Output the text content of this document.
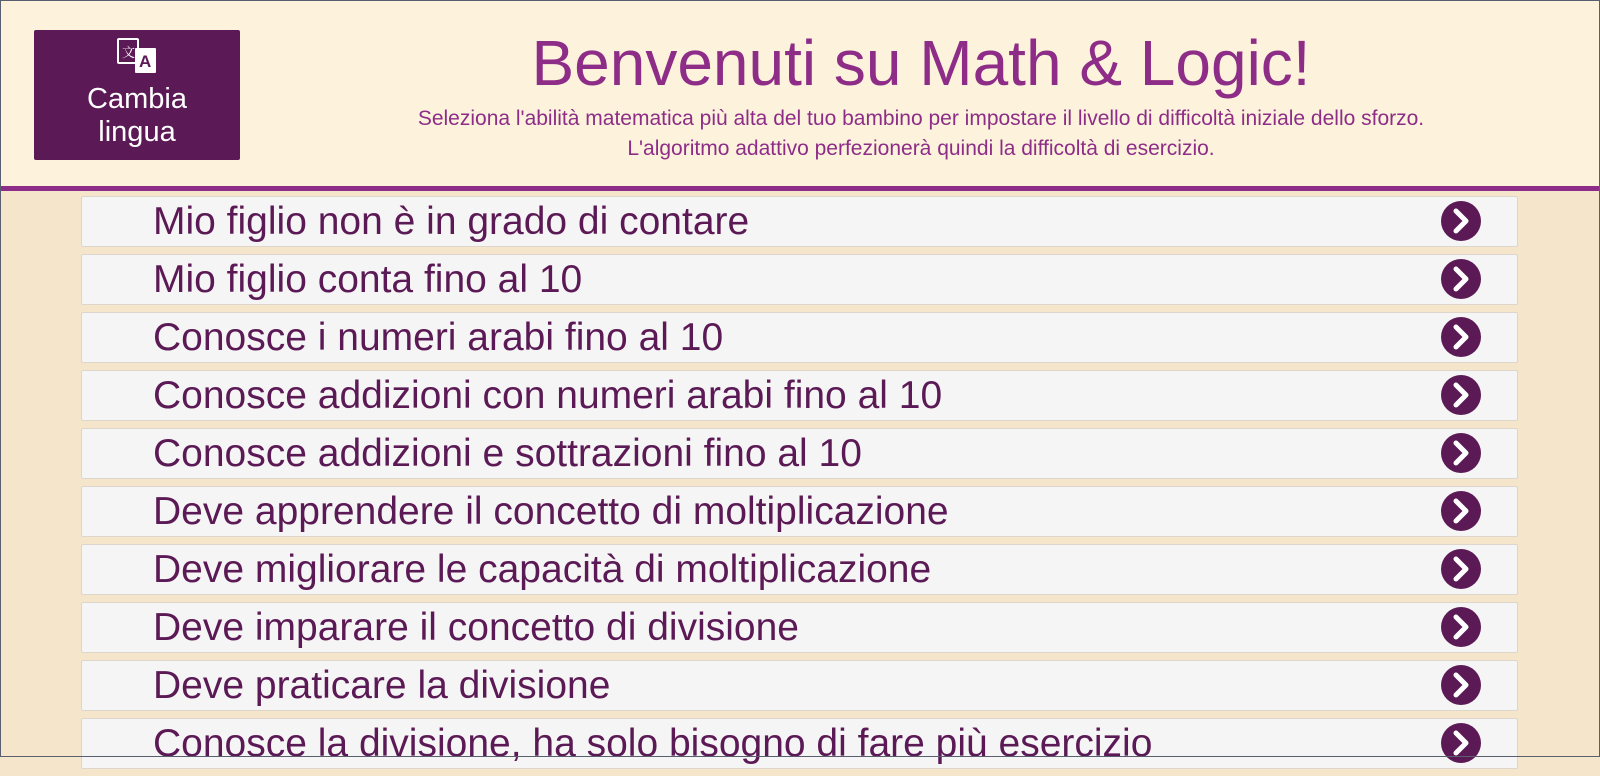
文 A
Cambia
lingua
Benvenuti su Math & Logic!
Seleziona l'abilità matematica più alta del tuo bambino per impostare il livello di difficoltà iniziale dello sforzo.
L'algoritmo adattivo perfezionerà quindi la difficoltà di esercizio.
Mio figlio non è in grado di contare
Mio figlio conta fino al 10
Conosce i numeri arabi fino al 10
Conosce addizioni con numeri arabi fino al 10
Conosce addizioni e sottrazioni fino al 10
Deve apprendere il concetto di moltiplicazione
Deve migliorare le capacità di moltiplicazione
Deve imparare il concetto di divisione
Deve praticare la divisione
Conosce la divisione, ha solo bisogno di fare più esercizio
